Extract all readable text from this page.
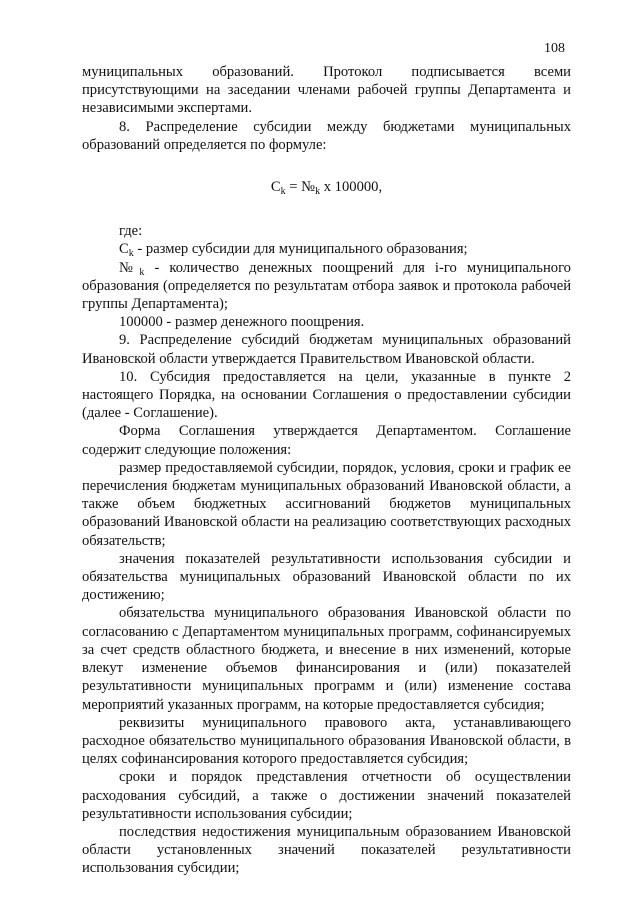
108

муниципальных образований. Протокол подписывается всеми присутствующими на заседании членами рабочей группы Департамента и независимыми экспертами.

8. Распределение субсидии между бюджетами муниципальных образований определяется по формуле:

$C_k$ = $№_k$ x 100000,

где:

$C_k$ - размер субсидии для муниципального образования;

$№_k$ - количество денежных поощрений для i-го муниципального образования (определяется по результатам отбора заявок и протокола рабочей группы Департамента);

100000 - размер денежного поощрения.

9. Распределение субсидий бюджетам муниципальных образований Ивановской области утверждается Правительством Ивановской области.

10. Субсидия предоставляется на цели, указанные в пункте 2 настоящего Порядка, на основании Соглашения о предоставлении субсидии (далее - Соглашение).

Форма Соглашения утверждается Департаментом. Соглашение содержит следующие положения:

размер предоставляемой субсидии, порядок, условия, сроки и график ее перечисления бюджетам муниципальных образований Ивановской области, а также объем бюджетных ассигнований бюджетов муниципальных образований Ивановской области на реализацию соответствующих расходных обязательств;

значения показателей результативности использования субсидии и обязательства муниципальных образований Ивановской области по их достижению;

обязательства муниципального образования Ивановской области по согласованию с Департаментом муниципальных программ, софинансируемых за счет средств областного бюджета, и внесение в них изменений, которые влекут изменение объемов финансирования и (или) показателей результативности муниципальных программ и (или) изменение состава мероприятий указанных программ, на которые предоставляется субсидия;

реквизиты муниципального правового акта, устанавливающего расходное обязательство муниципального образования Ивановской области, в целях софинансирования которого предоставляется субсидия;

сроки и порядок представления отчетности об осуществлении расходования субсидий, а также о достижении значений показателей результативности использования субсидии;

последствия недостижения муниципальным образованием Ивановской области установленных значений показателей результативности использования субсидии;
